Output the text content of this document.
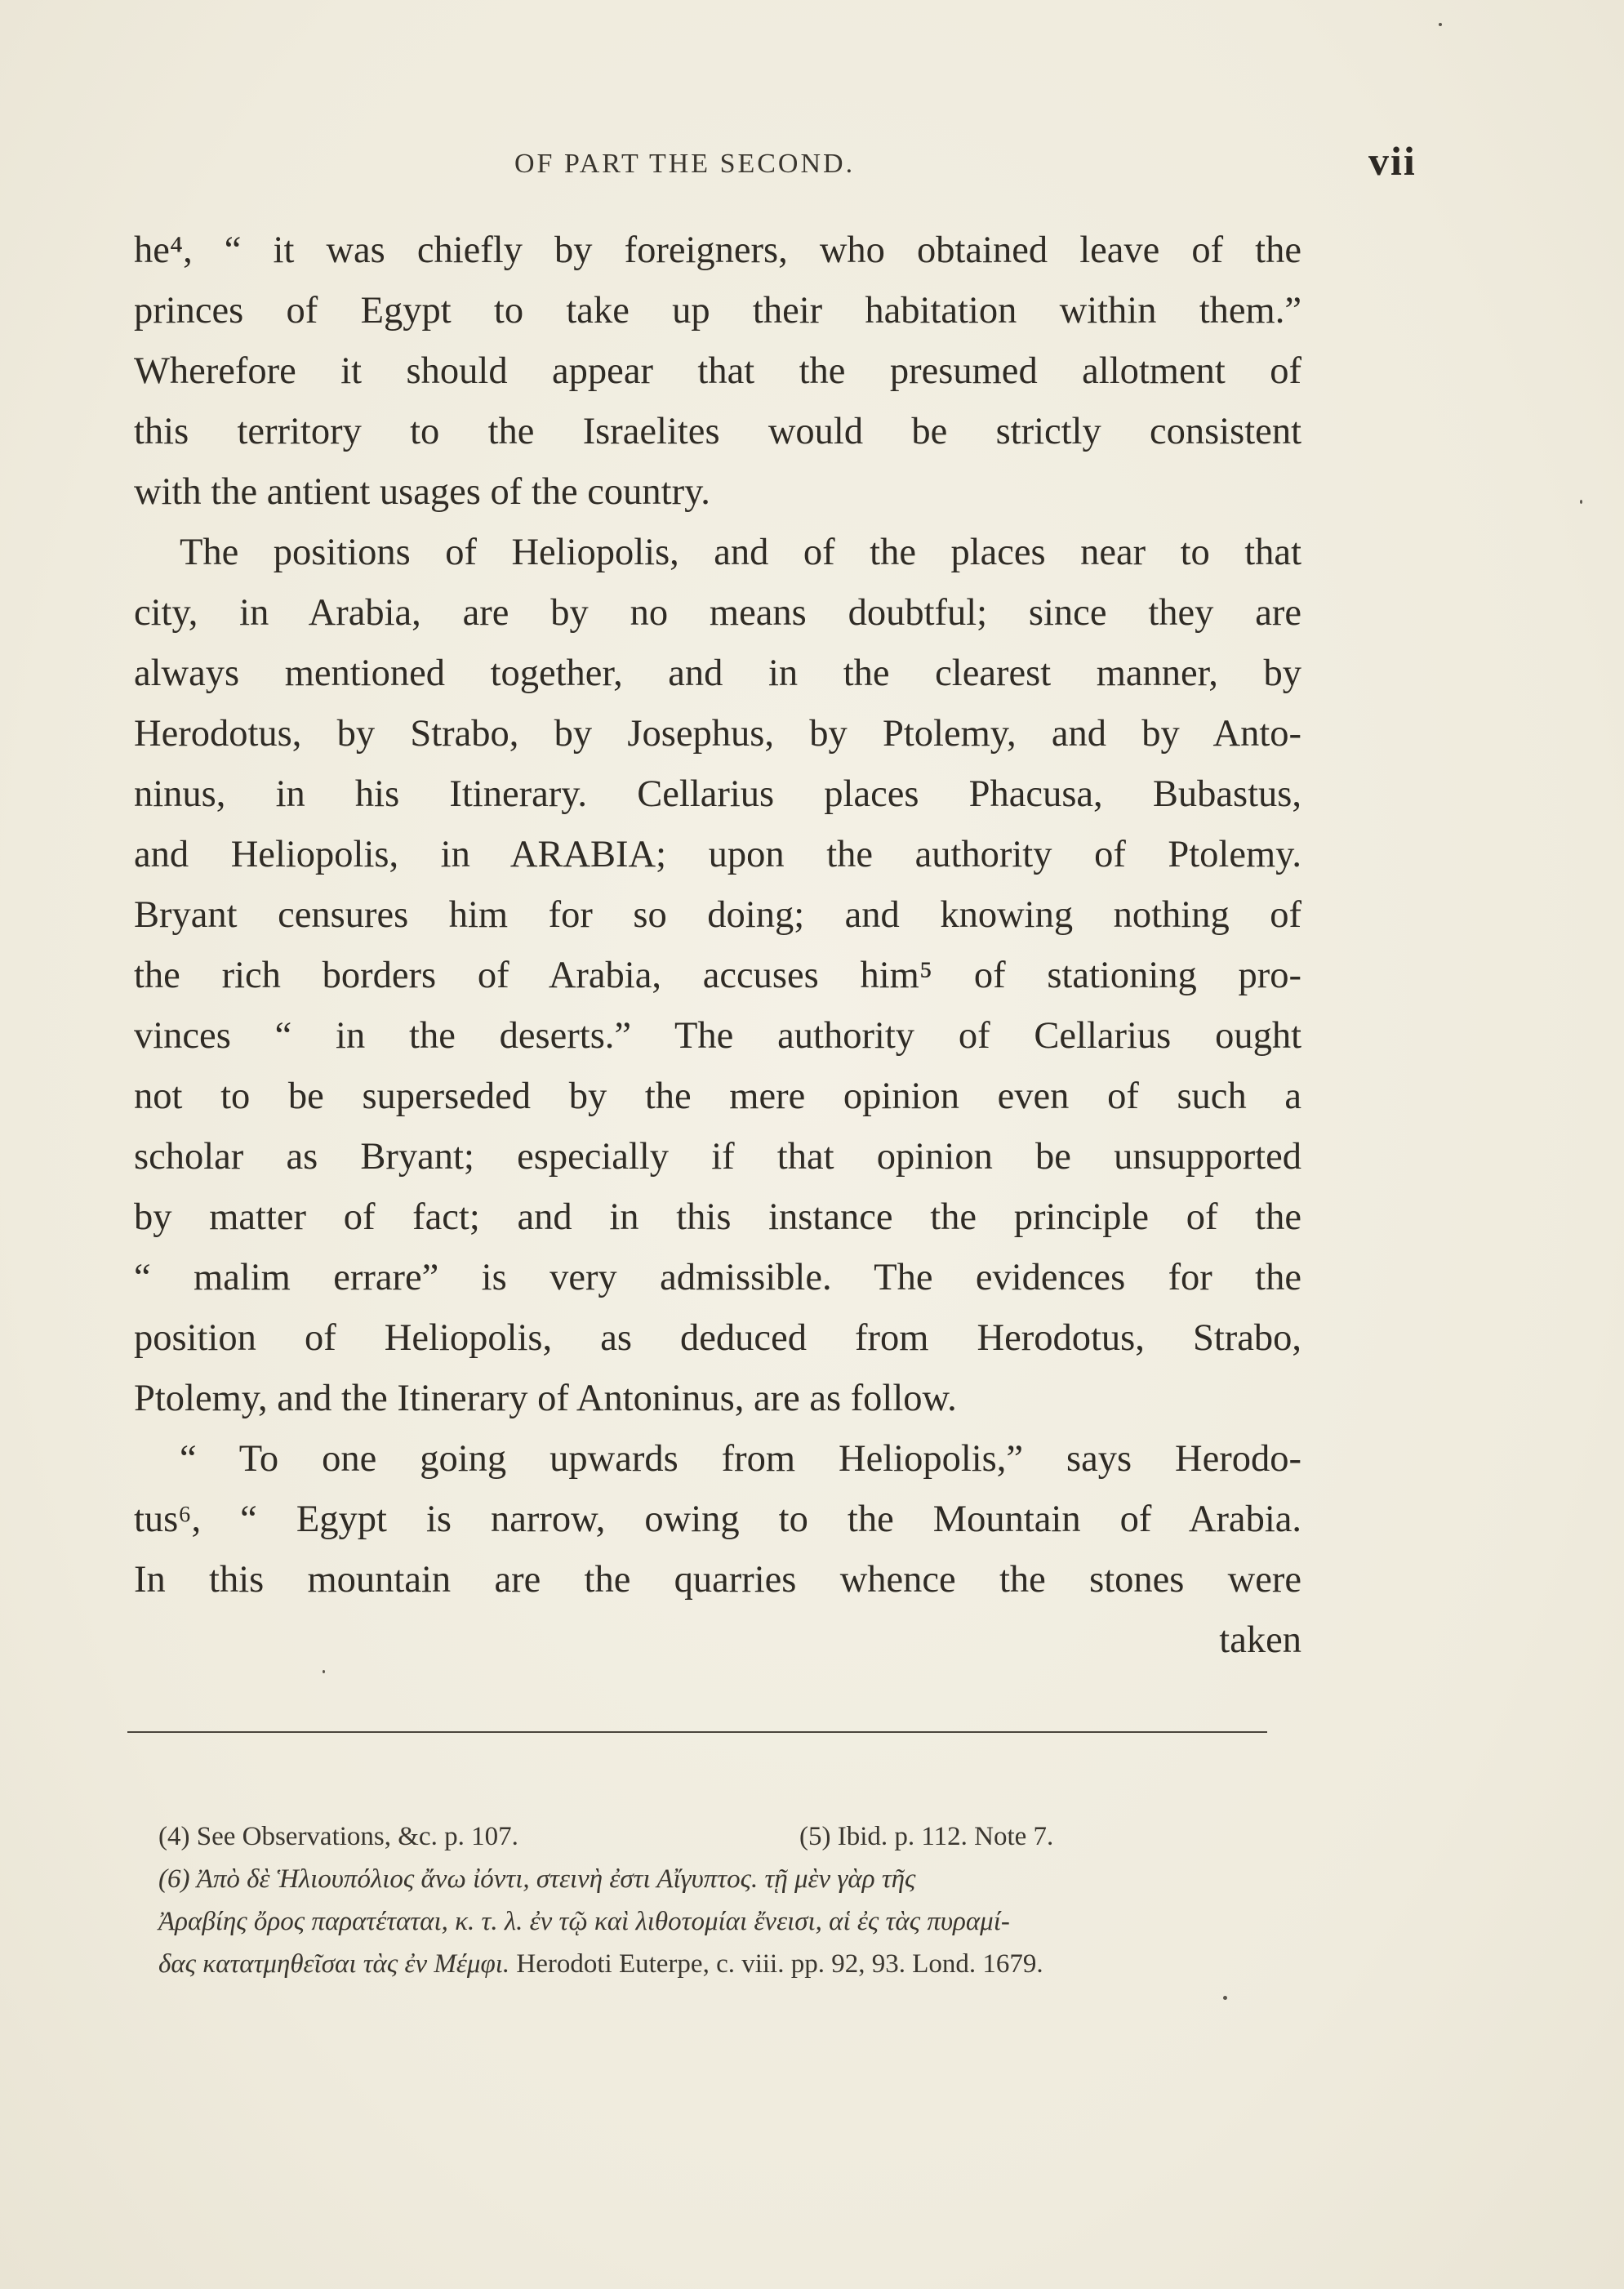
OF PART THE SECOND.	vii
he⁴, “ it was chiefly by foreigners, who obtained leave of the
princes of Egypt to take up their habitation within them.”
Wherefore it should appear that the presumed allotment of
this territory to the Israelites would be strictly consistent
with the antient usages of the country.
The positions of Heliopolis, and of the places near to that
city, in Arabia, are by no means doubtful; since they are
always mentioned together, and in the clearest manner, by
Herodotus, by Strabo, by Josephus, by Ptolemy, and by Anto-
ninus, in his Itinerary. Cellarius places Phacusa, Bubastus,
and Heliopolis, in ARABIA; upon the authority of Ptolemy.
Bryant censures him for so doing; and knowing nothing of
the rich borders of Arabia, accuses him⁵ of stationing pro-
vinces “ in the deserts.” The authority of Cellarius ought
not to be superseded by the mere opinion even of such a
scholar as Bryant; especially if that opinion be unsupported
by matter of fact; and in this instance the principle of the
“ malim errare” is very admissible. The evidences for the
position of Heliopolis, as deduced from Herodotus, Strabo,
Ptolemy, and the Itinerary of Antoninus, are as follow.
“ To one going upwards from Heliopolis,” says Herodo-
tus⁶, “ Egypt is narrow, owing to the Mountain of Arabia.
In this mountain are the quarries whence the stones were
taken
(4) See Observations, &c. p. 107.	(5) Ibid. p. 112. Note 7.
(6) Ἀπὸ δὲ Ἡλιουπόλιος ἄνω ἰόντι, στεινὴ ἐστι Αἴγυπτος. τῇ μὲν γὰρ τῆς
Ἀραβίης ὄρος παρατέταται, κ. τ. λ. ἐν τῷ καὶ λιθοτομίαι ἔνεισι, αἱ ἐς τὰς πυραμί-
δας κατατμηθεῖσαι τὰς ἐν Μέμφι. Herodoti Euterpe, c. viii. pp. 92, 93. Lond. 1679.
